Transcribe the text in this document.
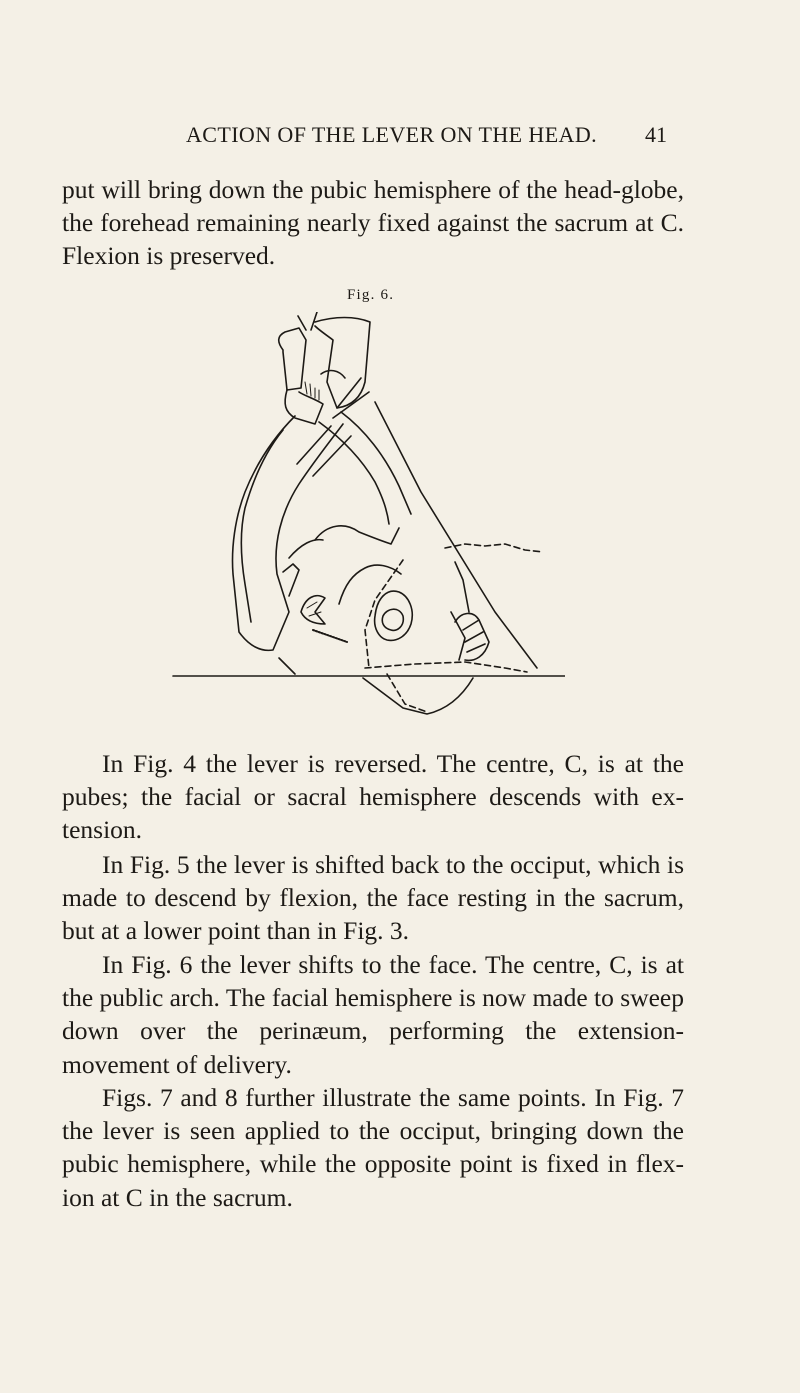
ACTION OF THE LEVER ON THE HEAD. 41

put will bring down the pubic hemisphere of the head-globe, the forehead remaining nearly fixed against the sacrum at C. Flexion is preserved.

Fig. 6.

In Fig. 4 the lever is reversed. The centre, C, is at the pubes; the facial or sacral hemisphere descends with ex-tension.

In Fig. 5 the lever is shifted back to the occiput, which is made to descend by flexion, the face resting in the sacrum, but at a lower point than in Fig. 3.

In Fig. 6 the lever shifts to the face. The centre, C, is at the public arch. The facial hemisphere is now made to sweep down over the perinæum, performing the extension-movement of delivery.

Figs. 7 and 8 further illustrate the same points. In Fig. 7 the lever is seen applied to the occiput, bringing down the pubic hemisphere, while the opposite point is fixed in flex-ion at C in the sacrum.
